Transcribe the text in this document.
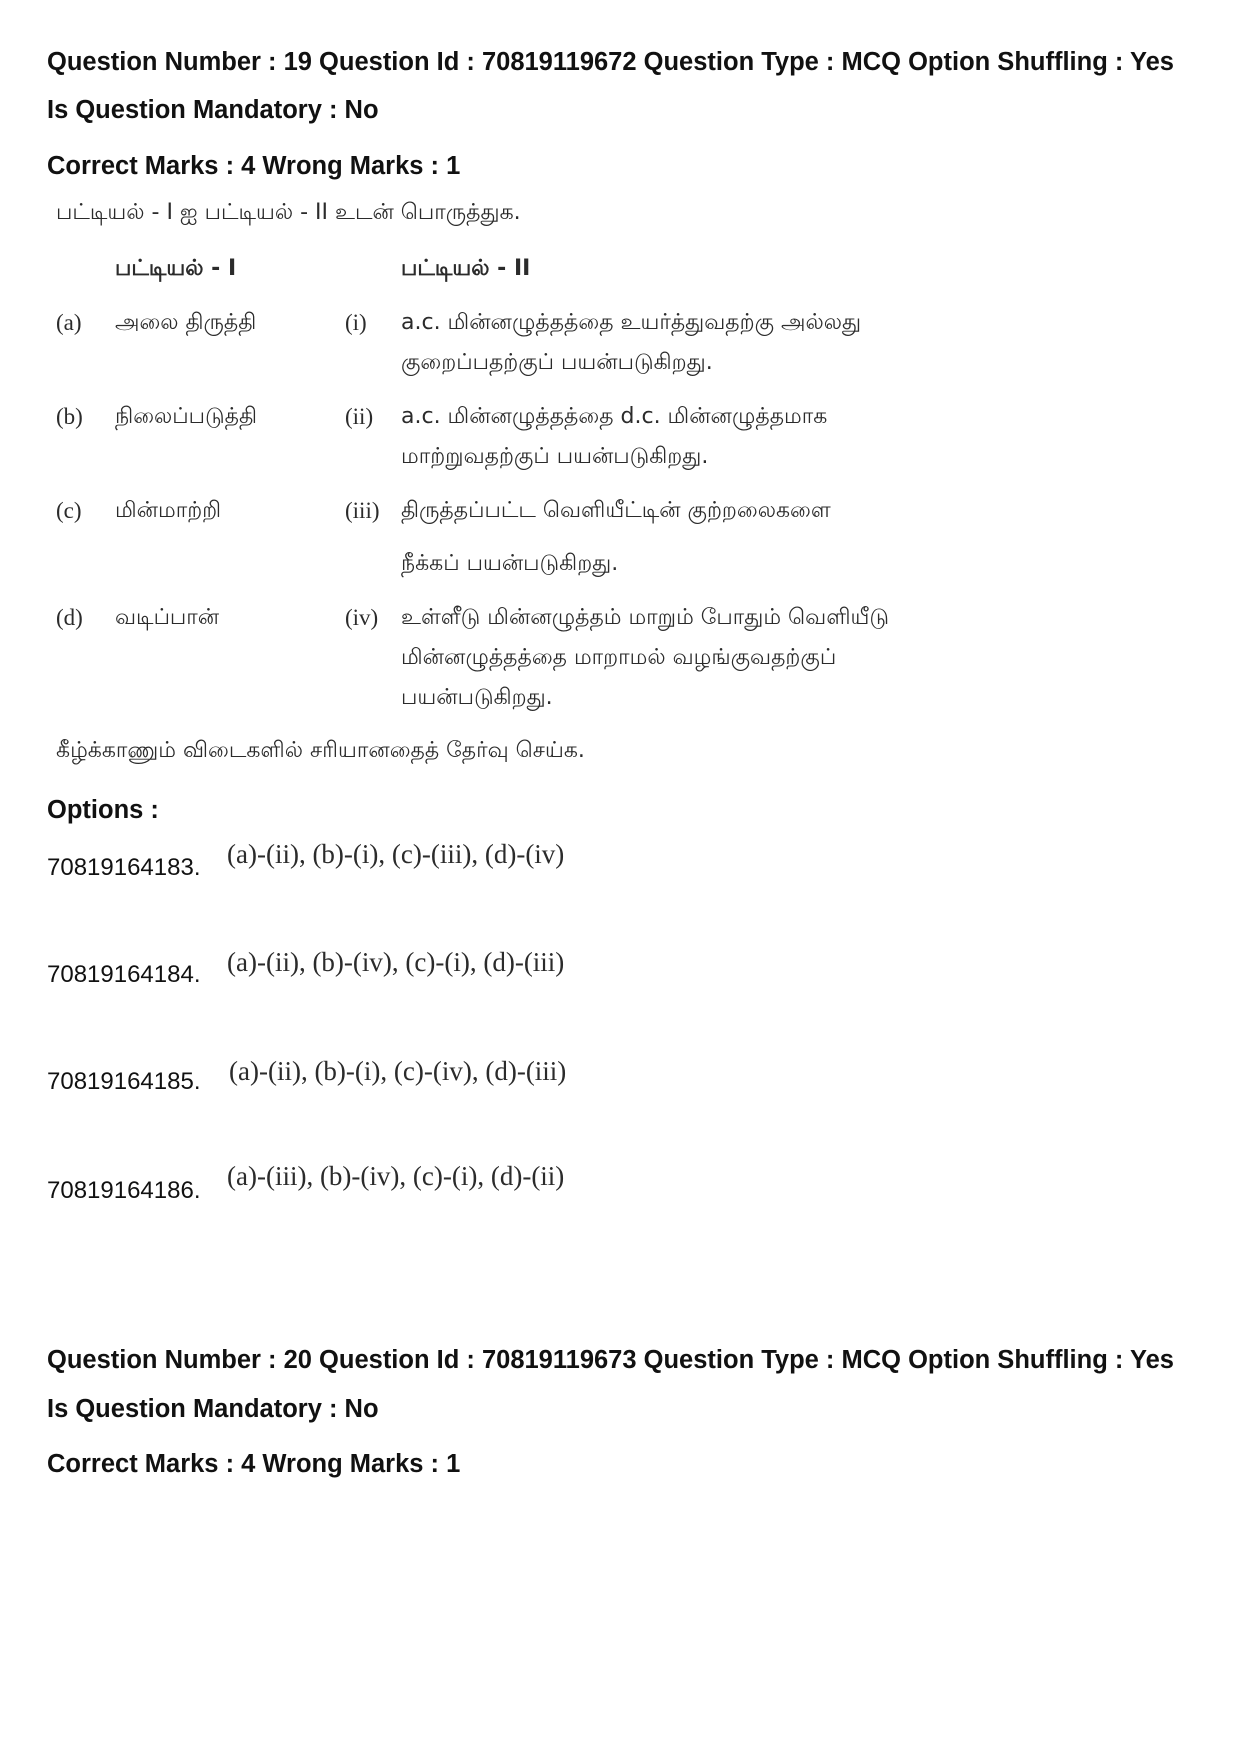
Question Number : 19 Question Id : 70819119672 Question Type : MCQ Option Shuffling : Yes
Is Question Mandatory : No
Correct Marks : 4 Wrong Marks : 1
பட்டியல் - I ஐ பட்டியல் - II உடன் பொருத்துக.
பட்டியல் - I	பட்டியல் - II
(a) அலை திருத்தி	(i) a.c. மின்னழுத்தத்தை உயர்த்துவதற்கு அல்லது
குறைப்பதற்குப் பயன்படுகிறது.
(b) நிலைப்படுத்தி	(ii) a.c. மின்னழுத்தத்தை d.c. மின்னழுத்தமாக
மாற்றுவதற்குப் பயன்படுகிறது.
(c) மின்மாற்றி	(iii) திருத்தப்பட்ட வெளியீட்டின் குற்றலைகளை
நீக்கப் பயன்படுகிறது.
(d) வடிப்பான்	(iv) உள்ளீடு மின்னழுத்தம் மாறும் போதும் வெளியீடு
மின்னழுத்தத்தை மாறாமல் வழங்குவதற்குப்
பயன்படுகிறது.
கீழ்க்காணும் விடைகளில் சரியானதைத் தேர்வு செய்க.
Options :
70819164183. (a)-(ii), (b)-(i), (c)-(iii), (d)-(iv)
70819164184. (a)-(ii), (b)-(iv), (c)-(i), (d)-(iii)
70819164185. (a)-(ii), (b)-(i), (c)-(iv), (d)-(iii)
70819164186. (a)-(iii), (b)-(iv), (c)-(i), (d)-(ii)
Question Number : 20 Question Id : 70819119673 Question Type : MCQ Option Shuffling : Yes
Is Question Mandatory : No
Correct Marks : 4 Wrong Marks : 1
